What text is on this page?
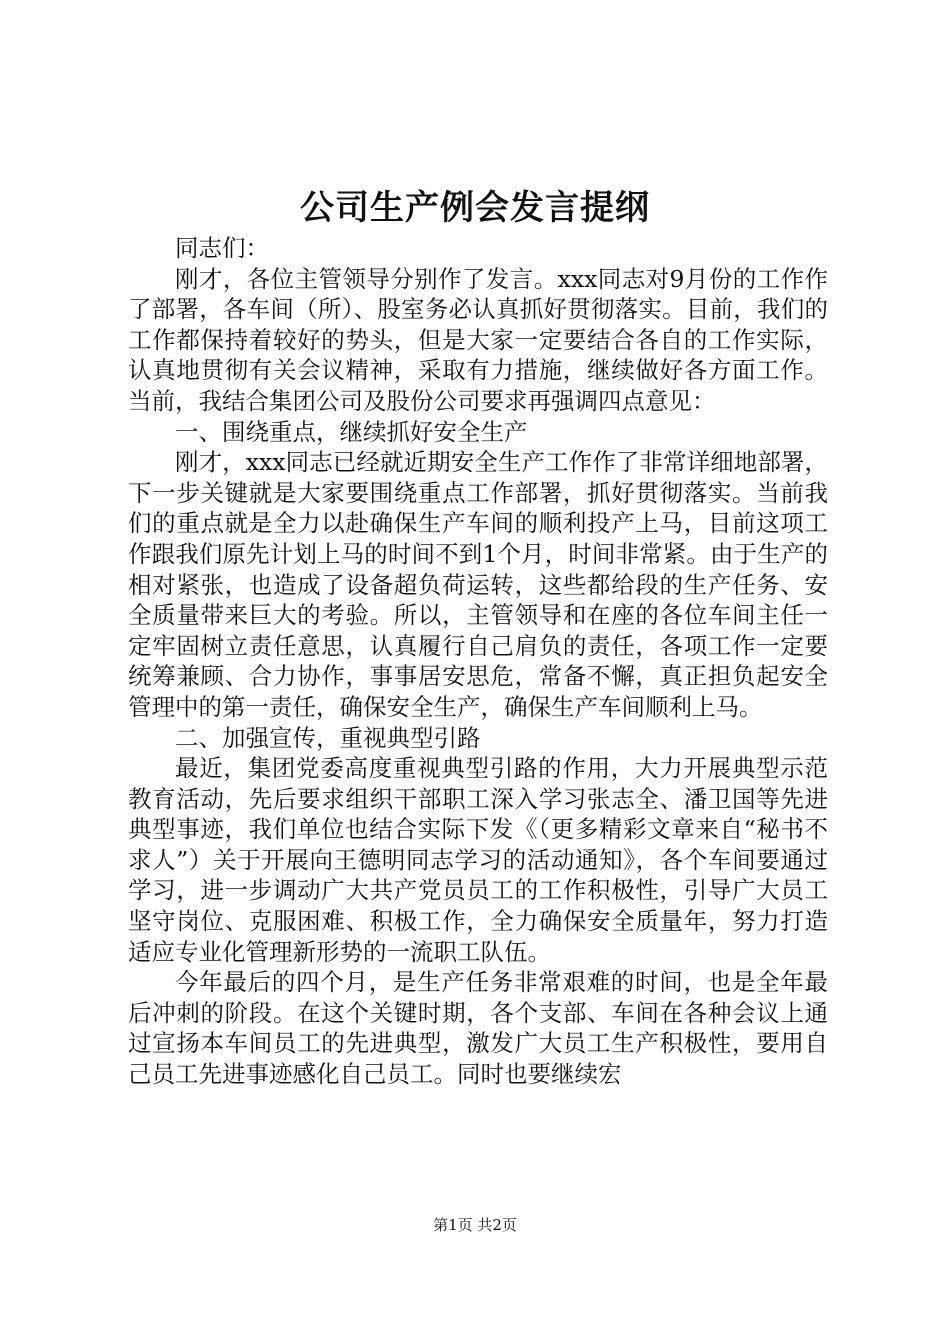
公司生产例会发言提纲

同志们：

刚才，各位主管领导分别作了发言。xxx同志对9月份的工作作了部署，各车间（所）、股室务必认真抓好贯彻落实。目前，我们的工作都保持着较好的势头，但是大家一定要结合各自的工作实际，认真地贯彻有关会议精神，采取有力措施，继续做好各方面工作。当前，我结合集团公司及股份公司要求再强调四点意见：

一、围绕重点，继续抓好安全生产

刚才，xxx同志已经就近期安全生产工作作了非常详细地部署，下一步关键就是大家要围绕重点工作部署，抓好贯彻落实。当前我们的重点就是全力以赴确保生产车间的顺利投产上马，目前这项工作跟我们原先计划上马的时间不到1个月，时间非常紧。由于生产的相对紧张，也造成了设备超负荷运转，这些都给段的生产任务、安全质量带来巨大的考验。所以，主管领导和在座的各位车间主任一定牢固树立责任意思，认真履行自己肩负的责任，各项工作一定要统筹兼顾、合力协作，事事居安思危，常备不懈，真正担负起安全管理中的第一责任，确保安全生产，确保生产车间顺利上马。

二、加强宣传，重视典型引路

最近，集团党委高度重视典型引路的作用，大力开展典型示范教育活动，先后要求组织干部职工深入学习张志全、潘卫国等先进典型事迹，我们单位也结合实际下发《（更多精彩文章来自“秘书不求人”）关于开展向王德明同志学习的活动通知》，各个车间要通过学习，进一步调动广大共产党员员工的工作积极性，引导广大员工坚守岗位、克服困难、积极工作，全力确保安全质量年，努力打造适应专业化管理新形势的一流职工队伍。

今年最后的四个月，是生产任务非常艰难的时间，也是全年最后冲刺的阶段。在这个关键时期，各个支部、车间在各种会议上通过宣扬本车间员工的先进典型，激发广大员工生产积极性，要用自己员工先进事迹感化自己员工。同时也要继续宏

第1页 共2页
